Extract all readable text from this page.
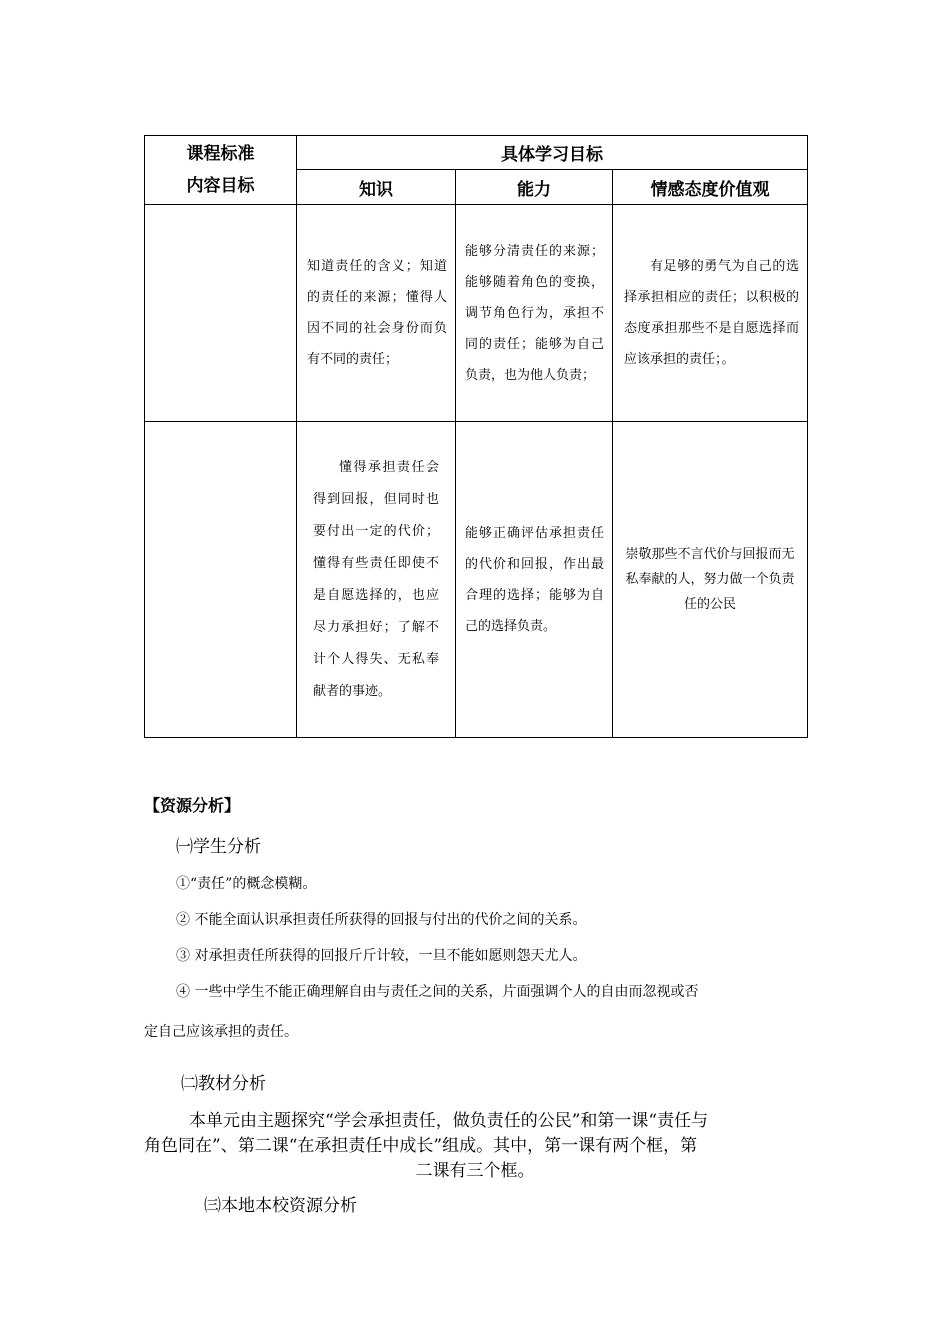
课程标准
内容目标	具体学习目标		
	知识	能力	情感态度价值观

	知道责任的含义；知道的责任的来源；懂得人因不同的社会身份而负有不同的责任；	能够分清责任的来源；能够随着角色的变换，调节角色行为，承担不同的责任；能够为自己负责，也为他人负责；	有足够的勇气为自己的选择承担相应的责任；以积极的态度承担那些不是自愿选择而应该承担的责任；。

	懂得承担责任会得到回报，但同时也要付出一定的代价；懂得有些责任即使不是自愿选择的，也应尽力承担好；了解不计个人得失、无私奉献者的事迹。	能够正确评估承担责任的代价和回报，作出最合理的选择；能够为自己的选择负责。	崇敬那些不言代价与回报而无私奉献的人，努力做一个负责任的公民
【资源分析】
㈠学生分析
①“责任”的概念模糊。
② 不能全面认识承担责任所获得的回报与付出的代价之间的关系。
③ 对承担责任所获得的回报斤斤计较，一旦不能如愿则怨天尤人。
④ 一些中学生不能正确理解自由与责任之间的关系，片面强调个人的自由而忽视或否
定自己应该承担的责任。
㈡教材分析
本单元由主题探究“学会承担责任，做负责任的公民”和第一课“责任与
角色同在”、第二课“在承担责任中成长”组成。其中，第一课有两个框，第
二课有三个框。
㈢本地本校资源分析
